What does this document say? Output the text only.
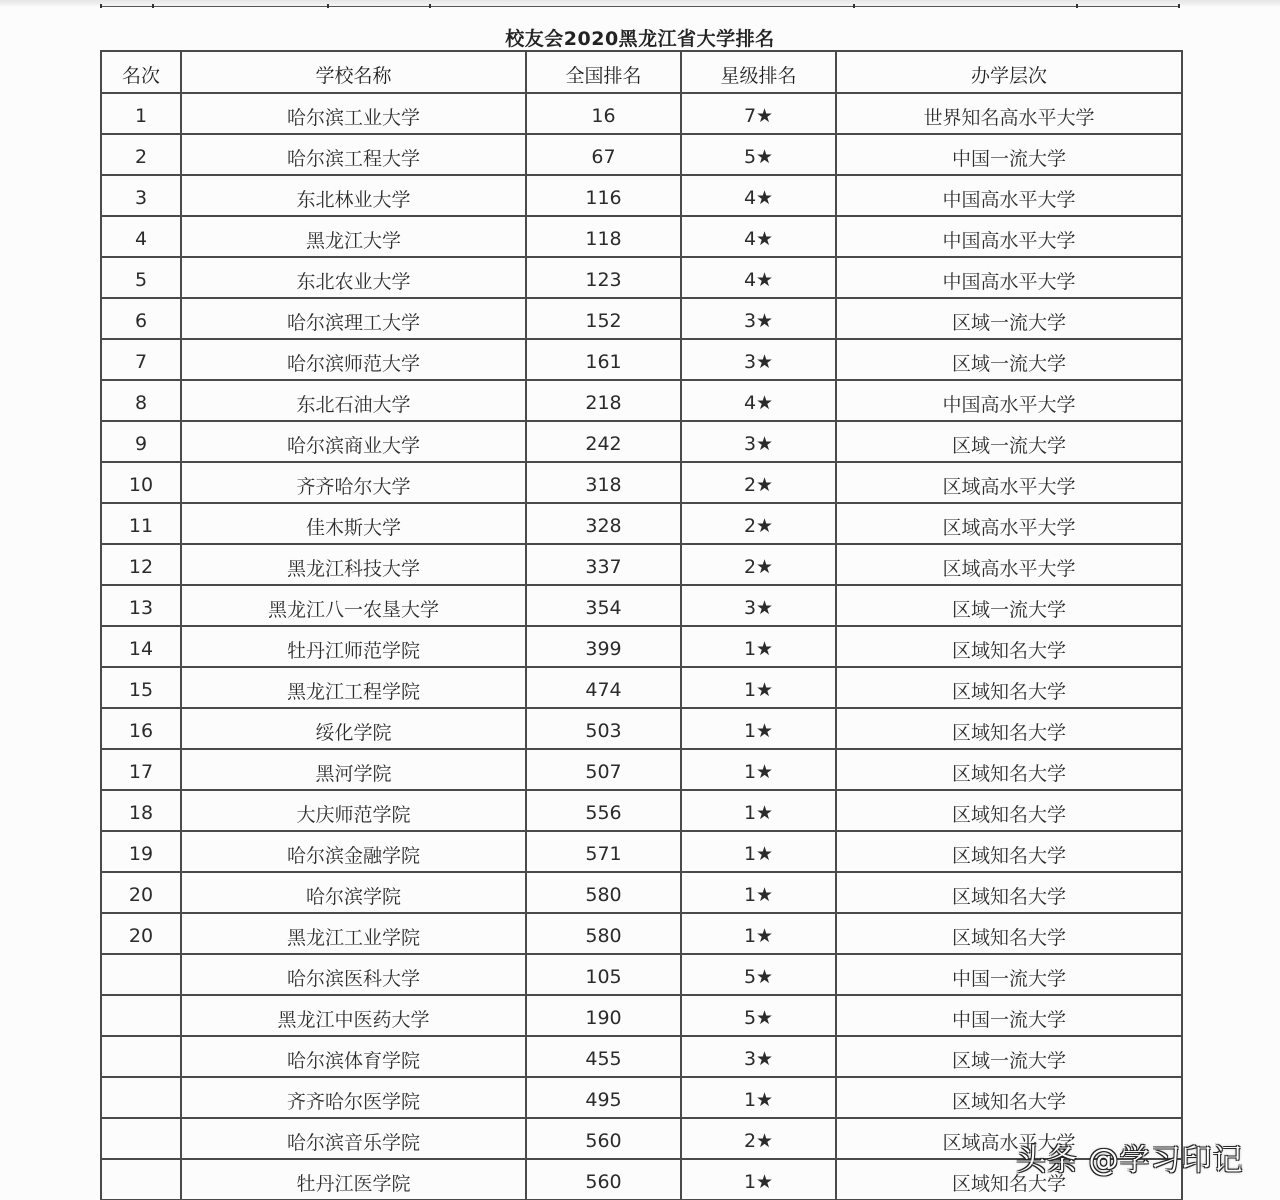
校友会2020黑龙江省大学排名
名次	学校名称	全国排名	星级排名	办学层次
1	哈尔滨工业大学	16	7★	世界知名高水平大学
2	哈尔滨工程大学	67	5★	中国一流大学
3	东北林业大学	116	4★	中国高水平大学
4	黑龙江大学	118	4★	中国高水平大学
5	东北农业大学	123	4★	中国高水平大学
6	哈尔滨理工大学	152	3★	区域一流大学
7	哈尔滨师范大学	161	3★	区域一流大学
8	东北石油大学	218	4★	中国高水平大学
9	哈尔滨商业大学	242	3★	区域一流大学
10	齐齐哈尔大学	318	2★	区域高水平大学
11	佳木斯大学	328	2★	区域高水平大学
12	黑龙江科技大学	337	2★	区域高水平大学
13	黑龙江八一农垦大学	354	3★	区域一流大学
14	牡丹江师范学院	399	1★	区域知名大学
15	黑龙江工程学院	474	1★	区域知名大学
16	绥化学院	503	1★	区域知名大学
17	黑河学院	507	1★	区域知名大学
18	大庆师范学院	556	1★	区域知名大学
19	哈尔滨金融学院	571	1★	区域知名大学
20	哈尔滨学院	580	1★	区域知名大学
20	黑龙江工业学院	580	1★	区域知名大学
	哈尔滨医科大学	105	5★	中国一流大学
	黑龙江中医药大学	190	5★	中国一流大学
	哈尔滨体育学院	455	3★	区域一流大学
	齐齐哈尔医学院	495	1★	区域知名大学
	哈尔滨音乐学院	560	2★	区域高水平大学
	牡丹江医学院	560	1★	区域知名大学
头条 @学习印记
